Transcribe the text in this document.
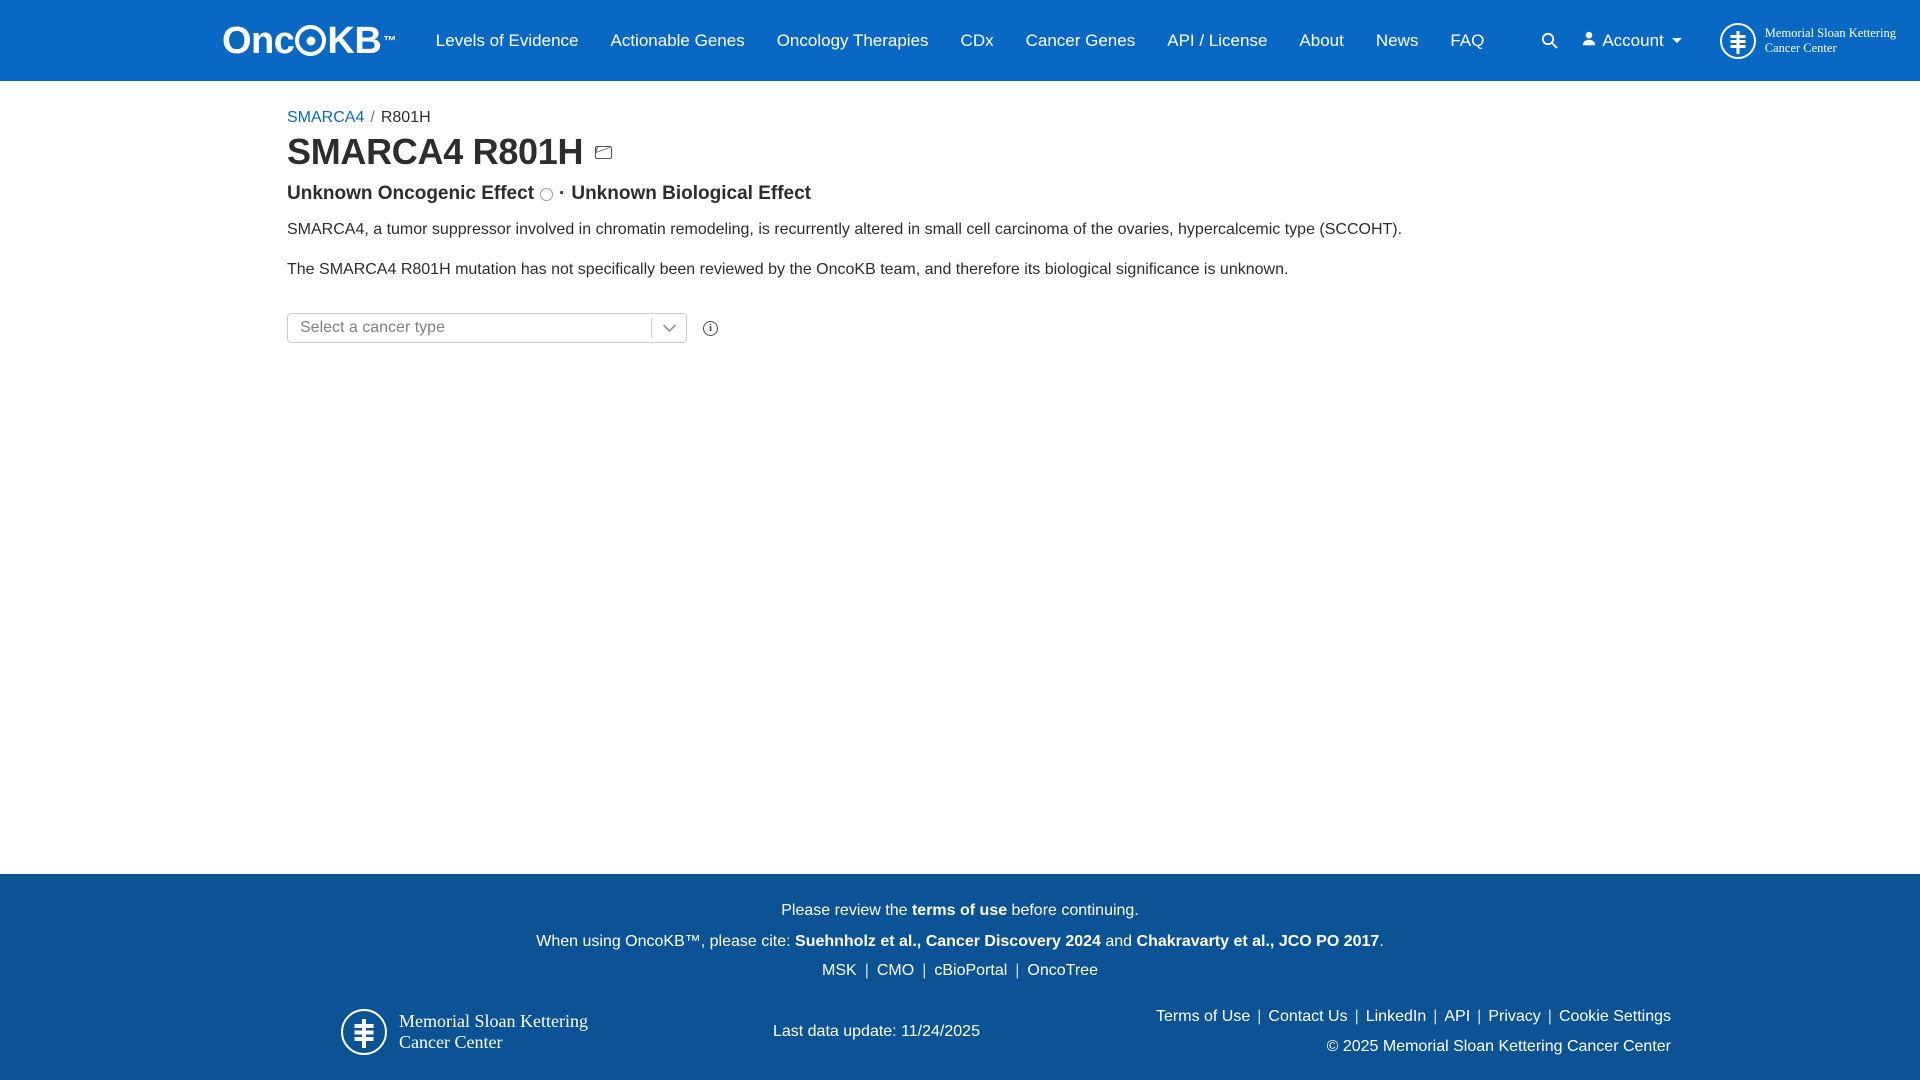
Onc KB ™	Levels of Evidence	Actionable Genes	Oncology Therapies	CDx	Cancer Genes	API / License	About	News	FAQ	Account	Memorial Sloan Kettering
Cancer Center
SMARCA4 / R801H
SMARCA4 R801H
Unknown Oncogenic Effect · Unknown Biological Effect

SMARCA4, a tumor suppressor involved in chromatin remodeling, is recurrently altered in small cell carcinoma of the ovaries, hypercalcemic type (SCCOHT).

The SMARCA4 R801H mutation has not specifically been reviewed by the OncoKB team, and therefore its biological significance is unknown.

Select a cancer type	i
Please review the terms of use before continuing.
When using OncoKB™, please cite: Suehnholz et al., Cancer Discovery 2024 and Chakravarty et al., JCO PO 2017.
MSK | CMO | cBioPortal | OncoTree
Memorial Sloan Kettering
Cancer Center
Last data update: 11/24/2025
Terms of Use | Contact Us | LinkedIn | API | Privacy | Cookie Settings
© 2025 Memorial Sloan Kettering Cancer Center
